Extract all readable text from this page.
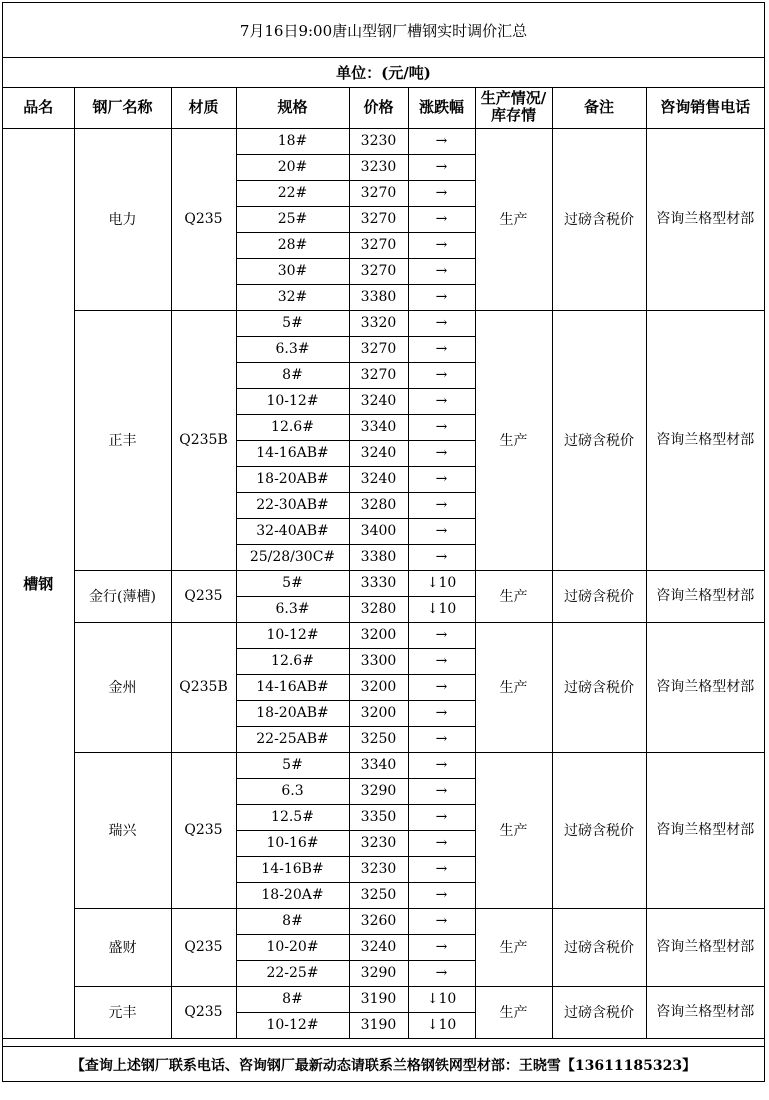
7月16日9:00唐山型钢厂槽钢实时调价汇总
单位：(元/吨)
品名	钢厂名称	材质	规格	价格	涨跌幅	生产情况/库存情	备注	咨询销售电话
槽钢	电力	Q235	18#	3230	→	生产	过磅含税价	咨询兰格型材部
			20#	3230	→			
			22#	3270	→			
			25#	3270	→			
			28#	3270	→			
			30#	3270	→			
			32#	3380	→			
	正丰	Q235B	5#	3320	→	生产	过磅含税价	咨询兰格型材部
			6.3#	3270	→			
			8#	3270	→			
			10-12#	3240	→			
			12.6#	3340	→			
			14-16AB#	3240	→			
			18-20AB#	3240	→			
			22-30AB#	3280	→			
			32-40AB#	3400	→			
			25/28/30C#	3380	→			
	金行(薄槽)	Q235	5#	3330	↓10	生产	过磅含税价	咨询兰格型材部
			6.3#	3280	↓10			
	金州	Q235B	10-12#	3200	→	生产	过磅含税价	咨询兰格型材部
			12.6#	3300	→			
			14-16AB#	3200	→			
			18-20AB#	3200	→			
			22-25AB#	3250	→			
	瑞兴	Q235	5#	3340	→	生产	过磅含税价	咨询兰格型材部
			6.3	3290	→			
			12.5#	3350	→			
			10-16#	3230	→			
			14-16B#	3230	→			
			18-20A#	3250	→			
	盛财	Q235	8#	3260	→	生产	过磅含税价	咨询兰格型材部
			10-20#	3240	→			
			22-25#	3290	→			
	元丰	Q235	8#	3190	↓10	生产	过磅含税价	咨询兰格型材部
			10-12#	3190	↓10			
【查询上述钢厂联系电话、咨询钢厂最新动态请联系兰格钢铁网型材部：王晓雪【13611185323】
